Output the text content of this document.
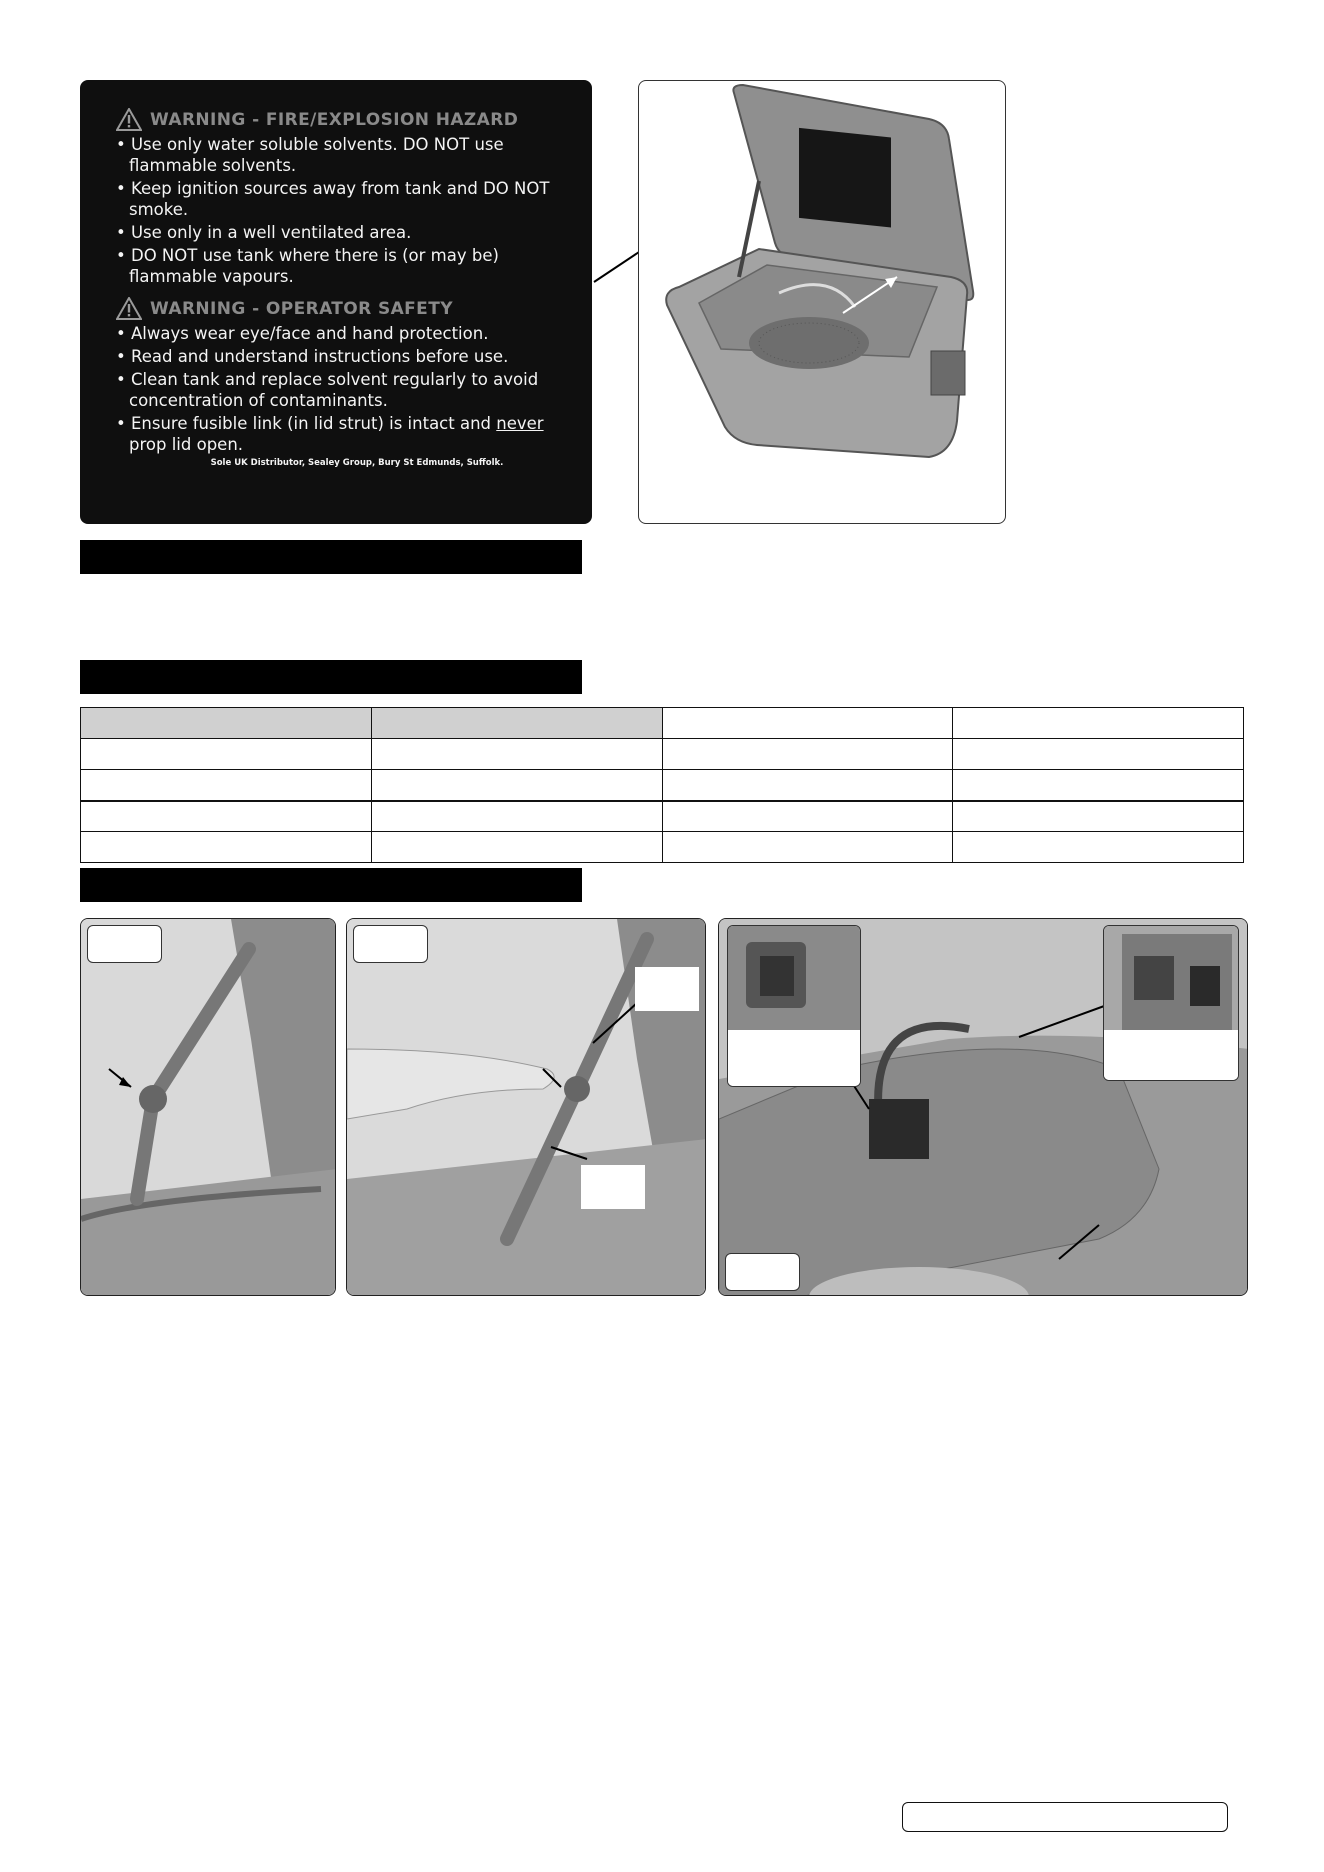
WARNING - FIRE/EXPLOSION HAZARD
• Use only water soluble solvents. DO NOT use flammable solvents.
• Keep ignition sources away from tank and DO NOT smoke.
• Use only in a well ventilated area.
• DO NOT use tank where there is (or may be) flammable vapours.
WARNING - OPERATOR SAFETY
• Always wear eye/face and hand protection.
• Read and understand instructions before use.
• Clean tank and replace solvent regularly to avoid concentration of contaminants.
• Ensure fusible link (in lid strut) is intact and never prop lid open.
Sole UK Distributor, Sealey Group, Bury St Edmunds, Suffolk.
